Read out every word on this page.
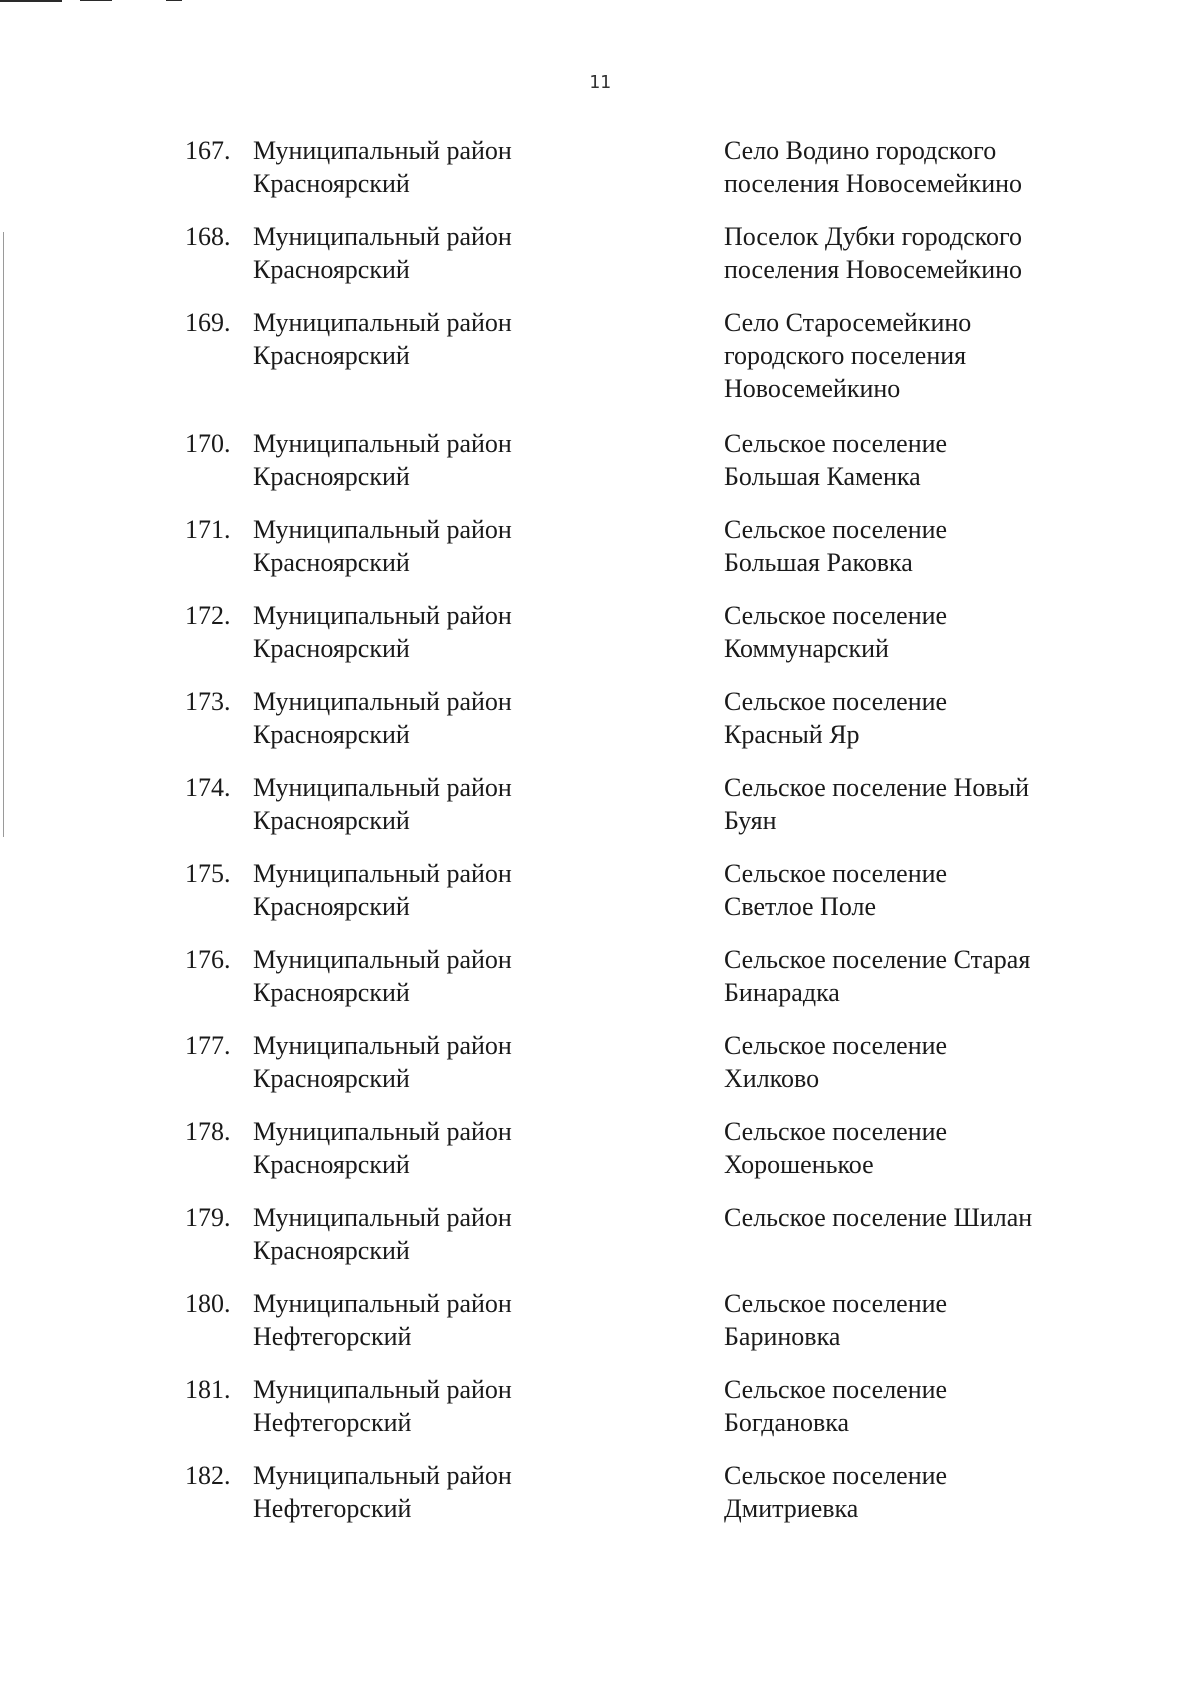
11
167. Муниципальный район
Красноярский
Село Водино городского
поселения Новосемейкино
168. Муниципальный район
Красноярский
Поселок Дубки городского
поселения Новосемейкино
169. Муниципальный район
Красноярский
Село Старосемейкино
городского поселения
Новосемейкино
170. Муниципальный район
Красноярский
Сельское поселение
Большая Каменка
171. Муниципальный район
Красноярский
Сельское поселение
Большая Раковка
172. Муниципальный район
Красноярский
Сельское поселение
Коммунарский
173. Муниципальный район
Красноярский
Сельское поселение
Красный Яр
174. Муниципальный район
Красноярский
Сельское поселение Новый
Буян
175. Муниципальный район
Красноярский
Сельское поселение
Светлое Поле
176. Муниципальный район
Красноярский
Сельское поселение Старая
Бинарадка
177. Муниципальный район
Красноярский
Сельское поселение
Хилково
178. Муниципальный район
Красноярский
Сельское поселение
Хорошенькое
179. Муниципальный район
Красноярский
Сельское поселение Шилан
180. Муниципальный район
Нефтегорский
Сельское поселение
Бариновка
181. Муниципальный район
Нефтегорский
Сельское поселение
Богдановка
182. Муниципальный район
Нефтегорский
Сельское поселение
Дмитриевка
